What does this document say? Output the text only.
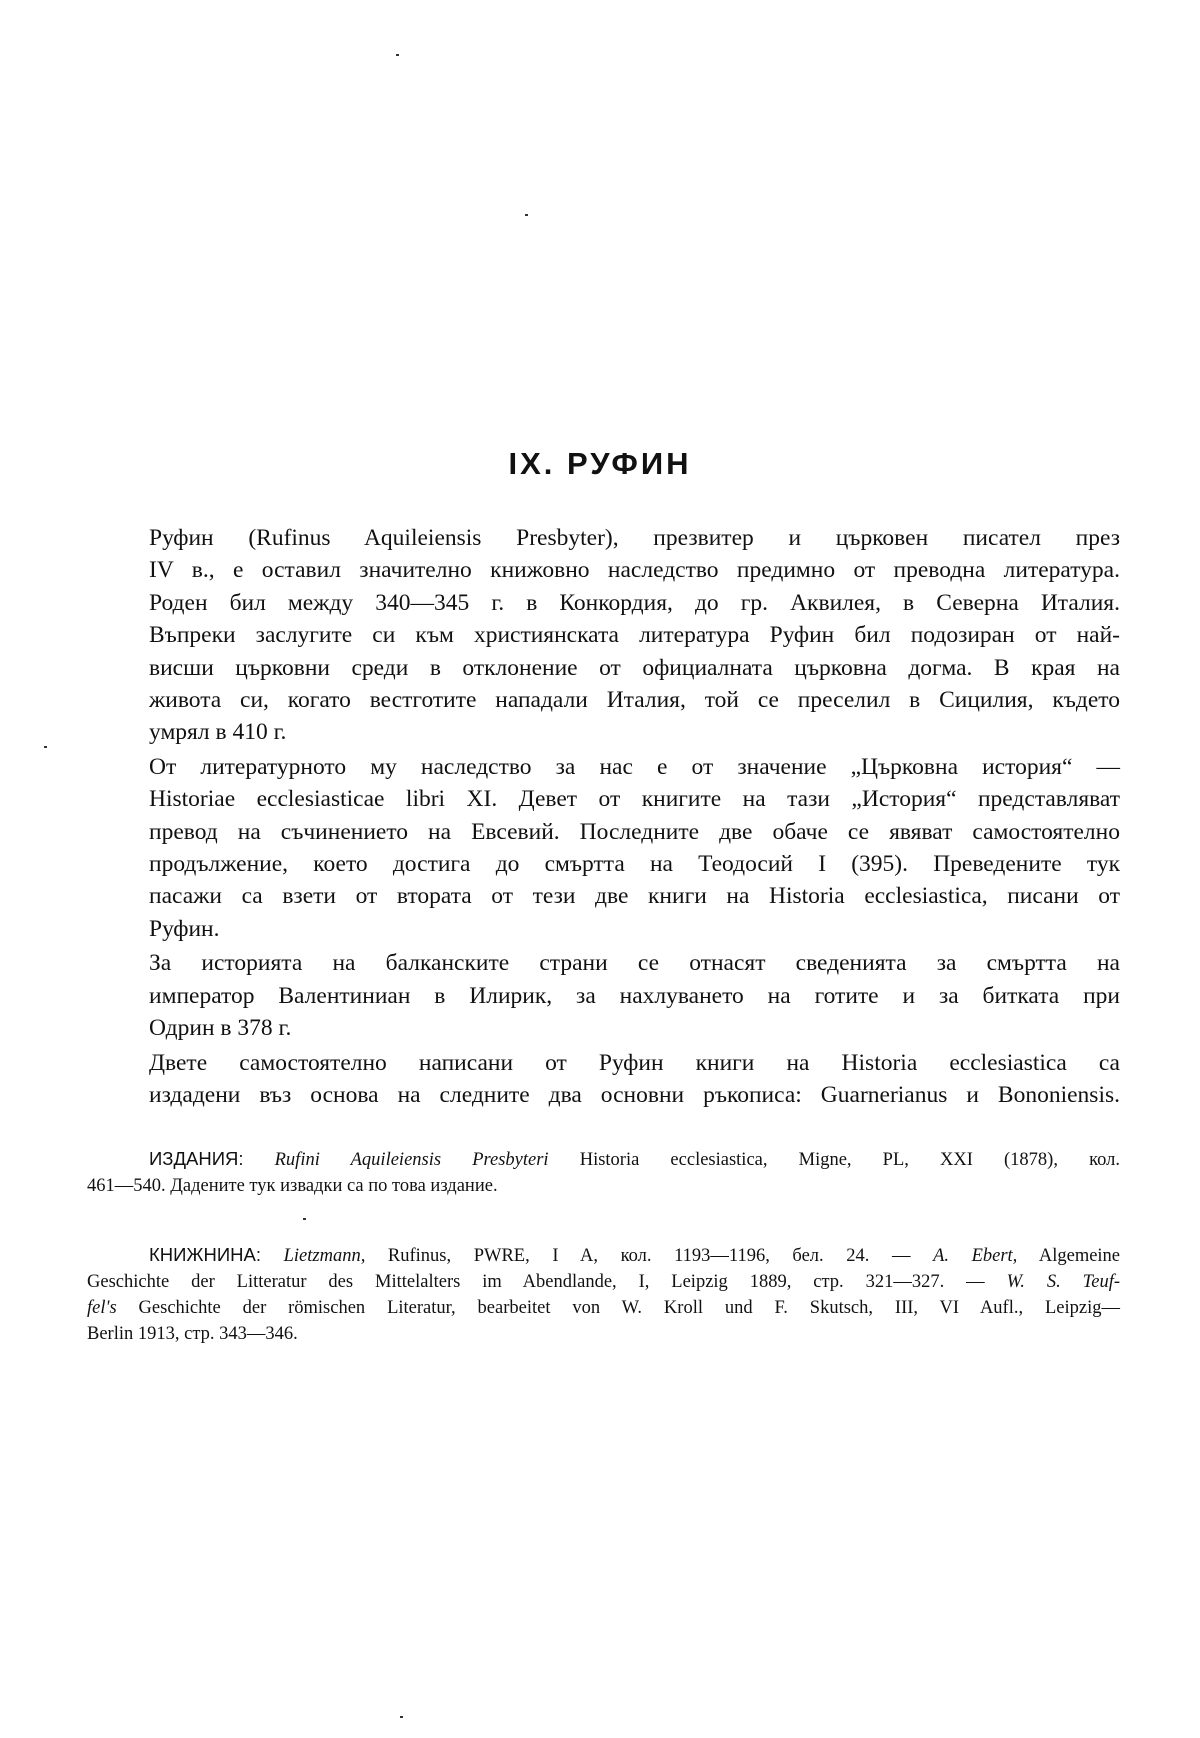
IX. РУФИН

Руфин (Rufinus Aquileiensis Presbyter), презвитер и църковен писател през
IV в., е оставил значително книжовно наследство предимно от преводна литература.
Роден бил между 340—345 г. в Конкордия, до гр. Аквилея, в Северна Италия.
Въпреки заслугите си към християнската литература Руфин бил подозиран от най-
висши църковни среди в отклонение от официалната църковна догма. В края на
живота си, когато вестготите нападали Италия, той се преселил в Сицилия, където
умрял в 410 г.

От литературното му наследство за нас е от значение „Църковна история“ —
Historiae ecclesiasticae libri XI. Девет от книгите на тази „История“ представляват
превод на съчинението на Евсевий. Последните две обаче се явяват самостоятелно
продължение, което достига до смъртта на Теодосий I (395). Преведените тук
пасажи са взети от втората от тези две книги на Historia ecclesiastica, писани от
Руфин.

За историята на балканските страни се отнасят сведенията за смъртта на
император Валентиниан в Илирик, за нахлуването на готите и за битката при
Одрин в 378 г.

Двете самостоятелно написани от Руфин книги на Historia ecclesiastica са
издадени въз основа на следните два основни ръкописа: Guarnerianus и Bononiensis.

ИЗДАНИЯ: Rufini Aquileiensis Presbyteri Historia ecclesiastica, Migne, PL, XXI (1878), кол.
461—540. Дадените тук извадки са по това издание.
КНИЖНИНА: Lietzmann, Rufinus, PWRE, I A, кол. 1193—1196, бел. 24. — A. Ebert, Algemeine
Geschichte der Litteratur des Mittelalters im Abendlande, I, Leipzig 1889, стр. 321—327. — W. S. Teuf-
fel's Geschichte der römischen Literatur, bearbeitet von W. Kroll und F. Skutsch, III, VI Aufl., Leipzig—
Berlin 1913, стр. 343—346.
